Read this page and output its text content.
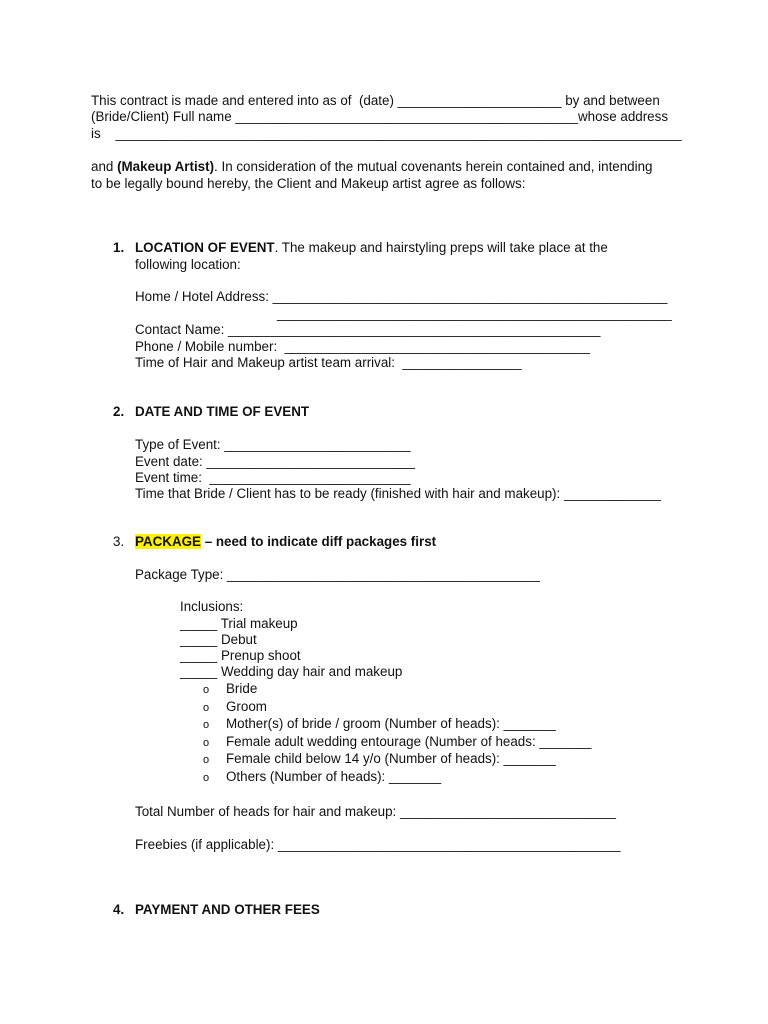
This contract is made and entered into as of  (date) ______________________ by and between
(Bride/Client) Full name ______________________________________________whose address
is    ____________________________________________________________________________
and (Makeup Artist). In consideration of the mutual covenants herein contained and, intending
to be legally bound hereby, the Client and Makeup artist agree as follows:
1. LOCATION OF EVENT. The makeup and hairstyling preps will take place at the
following location:
Home / Hotel Address: _____________________________________________________
_____________________________________________________
Contact Name: __________________________________________________
Phone / Mobile number:  _________________________________________
Time of Hair and Makeup artist team arrival:  ________________
2. DATE AND TIME OF EVENT
Type of Event: _________________________
Event date: ____________________________
Event time:  ___________________________
Time that Bride / Client has to be ready (finished with hair and makeup): _____________
3. PACKAGE – need to indicate diff packages first
Package Type: __________________________________________
Inclusions:
_____ Trial makeup
_____ Debut
_____ Prenup shoot
_____ Wedding day hair and makeup
o Bride
o Groom
o Mother(s) of bride / groom (Number of heads): _______
o Female adult wedding entourage (Number of heads: _______
o Female child below 14 y/o (Number of heads): _______
o Others (Number of heads): _______
Total Number of heads for hair and makeup: _____________________________
Freebies (if applicable): ______________________________________________
4. PAYMENT AND OTHER FEES
